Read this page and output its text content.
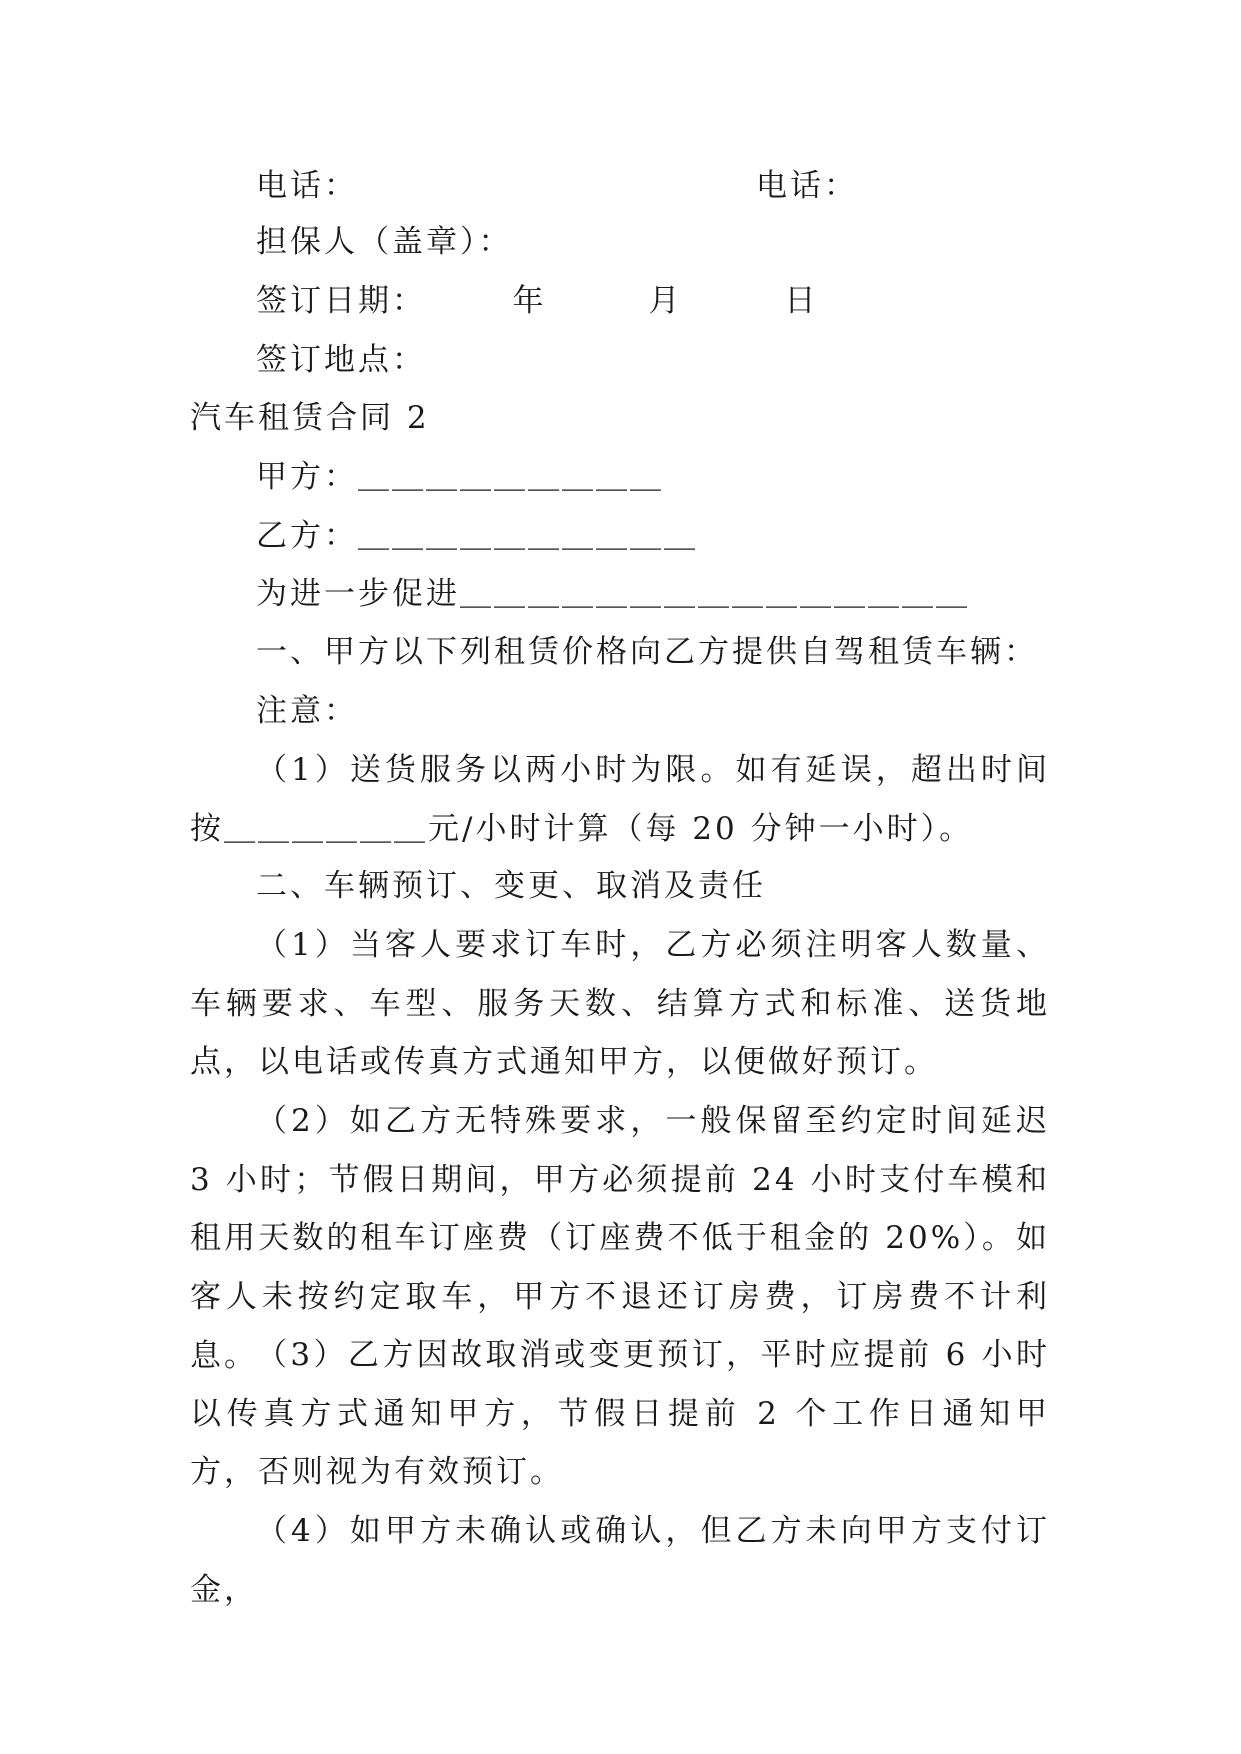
电话：	电话：
担保人（盖章）：
签订日期：　　　年　　　月　　　日
签订地点：
汽车租赁合同 2
甲方：＿＿＿＿＿＿＿＿＿
乙方：＿＿＿＿＿＿＿＿＿＿
为进一步促进＿＿＿＿＿＿＿＿＿＿＿＿＿＿＿
一、甲方以下列租赁价格向乙方提供自驾租赁车辆：
注意：
（1）送货服务以两小时为限。如有延误，超出时间按＿＿＿＿＿＿元/小时计算（每 20 分钟一小时）。
二、车辆预订、变更、取消及责任
（1）当客人要求订车时，乙方必须注明客人数量、车辆要求、车型、服务天数、结算方式和标准、送货地点，以电话或传真方式通知甲方，以便做好预订。
（2）如乙方无特殊要求，一般保留至约定时间延迟 3 小时；节假日期间，甲方必须提前 24 小时支付车模和租用天数的租车订座费（订座费不低于租金的 20%）。如客人未按约定取车，甲方不退还订房费，订房费不计利息。
（3）乙方因故取消或变更预订，平时应提前 6 小时以传真方式通知甲方，节假日提前 2 个工作日通知甲方，否则视为有效预订。
（4）如甲方未确认或确认，但乙方未向甲方支付订金，
